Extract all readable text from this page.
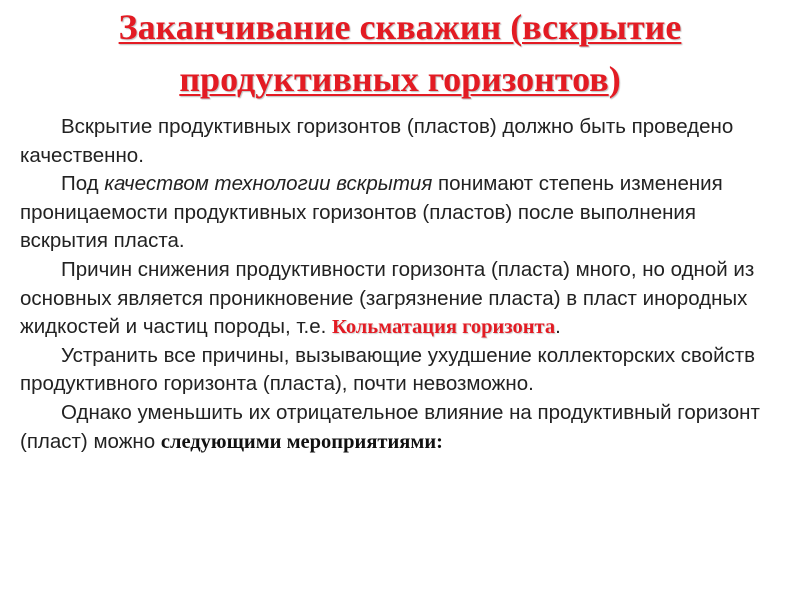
Заканчивание скважин (вскрытие
продуктивных горизонтов)

Вскрытие продуктивных горизонтов (пластов) должно быть проведено качественно.

Под качеством технологии вскрытия понимают степень изменения проницаемости продуктивных горизонтов (пластов) после выполнения вскрытия пласта.

Причин снижения продуктивности горизонта (пласта) много, но одной из основных является проникновение (загрязнение пласта) в пласт инородных жидкостей и частиц породы, т.е. Кольматация горизонта.

Устранить все причины, вызывающие ухудшение коллекторских свойств продуктивного горизонта (пласта), почти невозможно.

Однако уменьшить их отрицательное влияние на продуктивный горизонт (пласт) можно следующими мероприятиями:
